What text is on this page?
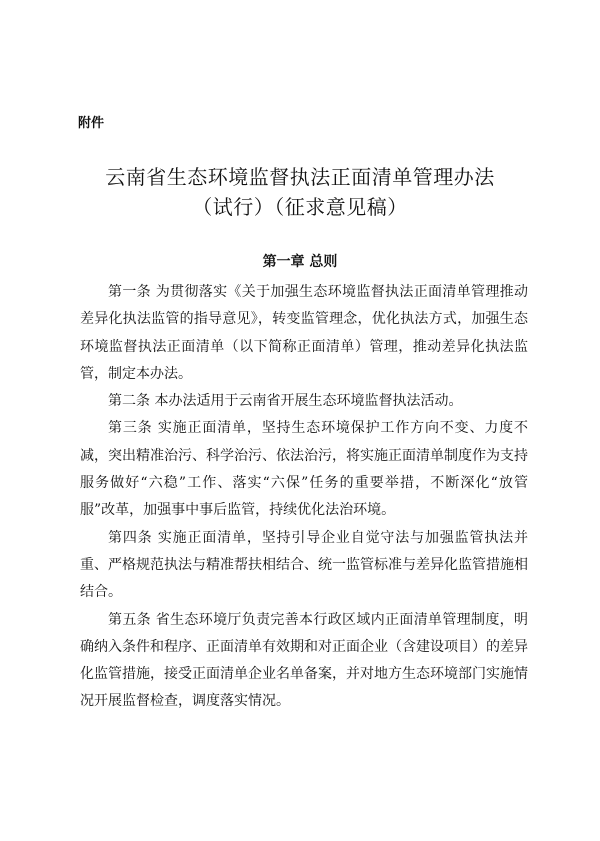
附件
云南省生态环境监督执法正面清单管理办法
（试行）（征求意见稿）
第一章 总则

第一条 为贯彻落实《关于加强生态环境监督执法正面清单管理推动差异化执法监管的指导意见》，转变监管理念，优化执法方式，加强生态环境监督执法正面清单（以下简称正面清单）管理，推动差异化执法监管，制定本办法。

第二条 本办法适用于云南省开展生态环境监督执法活动。

第三条 实施正面清单，坚持生态环境保护工作方向不变、力度不减，突出精准治污、科学治污、依法治污，将实施正面清单制度作为支持服务做好“六稳”工作、落实“六保”任务的重要举措，不断深化“放管服”改革，加强事中事后监管，持续优化法治环境。

第四条 实施正面清单，坚持引导企业自觉守法与加强监管执法并重、严格规范执法与精准帮扶相结合、统一监管标准与差异化监管措施相结合。

第五条 省生态环境厅负责完善本行政区域内正面清单管理制度，明确纳入条件和程序、正面清单有效期和对正面企业（含建设项目）的差异化监管措施，接受正面清单企业名单备案，并对地方生态环境部门实施情况开展监督检查，调度落实情况。
